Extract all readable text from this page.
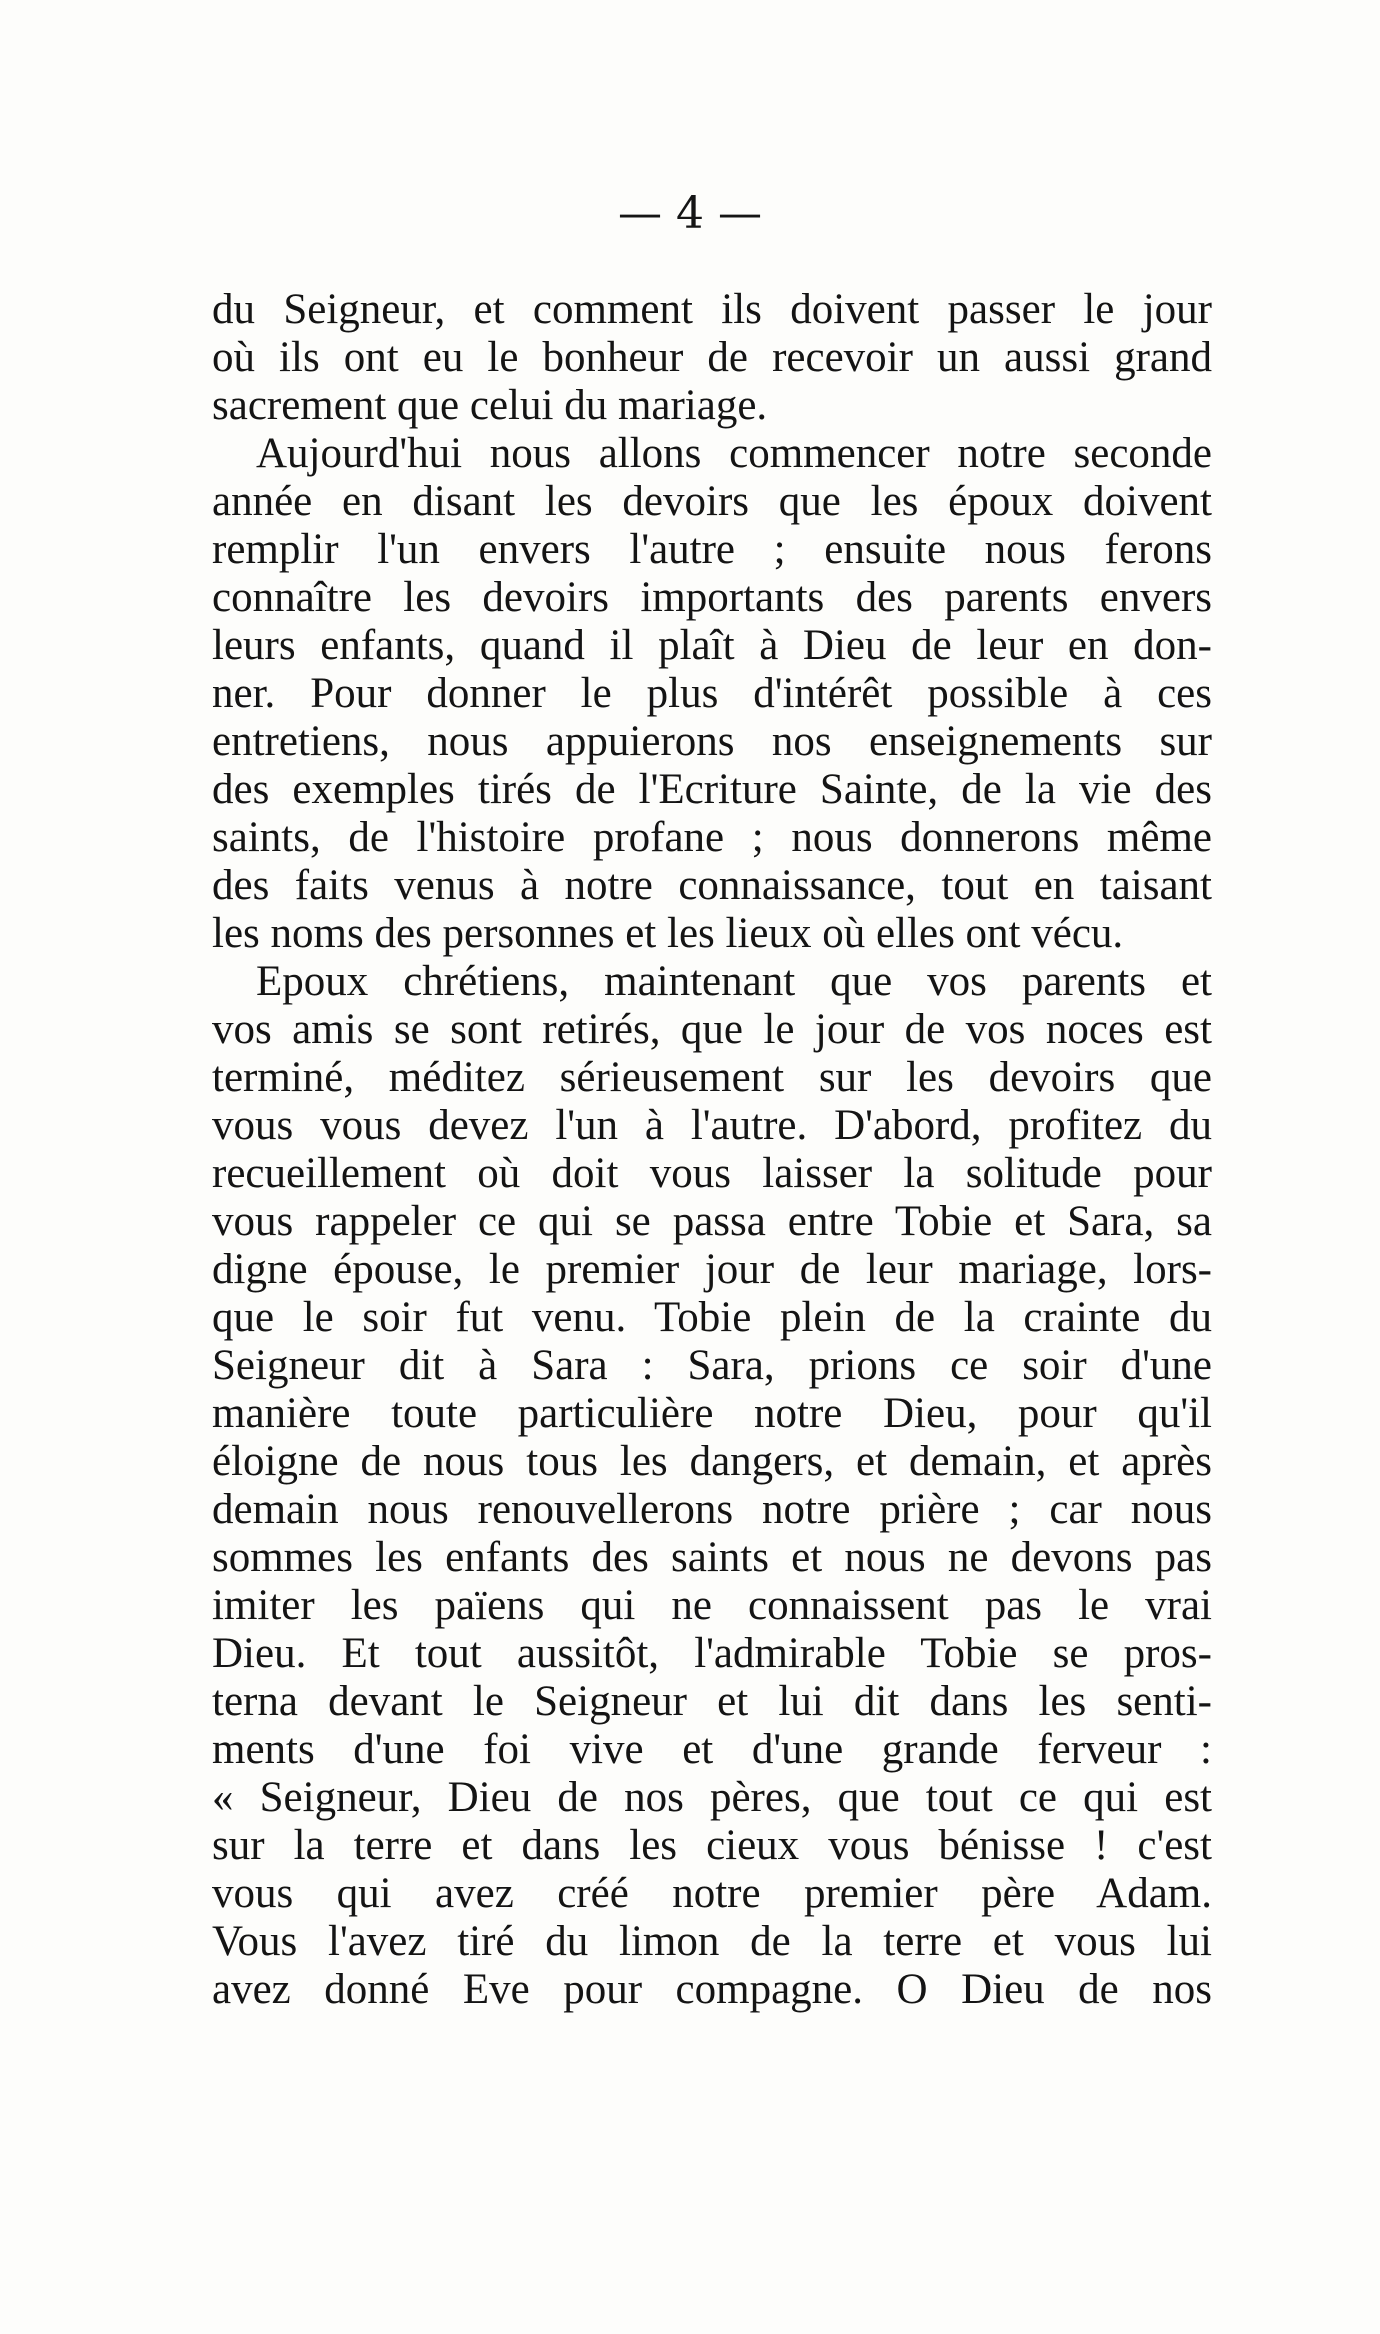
— 4 —
du Seigneur, et comment ils doivent passer le jour
où ils ont eu le bonheur de recevoir un aussi grand
sacrement que celui du mariage.
Aujourd'hui nous allons commencer notre seconde
année en disant les devoirs que les époux doivent
remplir l'un envers l'autre ; ensuite nous ferons
connaître les devoirs importants des parents envers
leurs enfants, quand il plaît à Dieu de leur en don-
ner. Pour donner le plus d'intérêt possible à ces
entretiens, nous appuierons nos enseignements sur
des exemples tirés de l'Ecriture Sainte, de la vie des
saints, de l'histoire profane ; nous donnerons même
des faits venus à notre connaissance, tout en taisant
les noms des personnes et les lieux où elles ont vécu.
Epoux chrétiens, maintenant que vos parents et
vos amis se sont retirés, que le jour de vos noces est
terminé, méditez sérieusement sur les devoirs que
vous vous devez l'un à l'autre. D'abord, profitez du
recueillement où doit vous laisser la solitude pour
vous rappeler ce qui se passa entre Tobie et Sara, sa
digne épouse, le premier jour de leur mariage, lors-
que le soir fut venu. Tobie plein de la crainte du
Seigneur dit à Sara : Sara, prions ce soir d'une
manière toute particulière notre Dieu, pour qu'il
éloigne de nous tous les dangers, et demain, et après
demain nous renouvellerons notre prière ; car nous
sommes les enfants des saints et nous ne devons pas
imiter les païens qui ne connaissent pas le vrai
Dieu. Et tout aussitôt, l'admirable Tobie se pros-
terna devant le Seigneur et lui dit dans les senti-
ments d'une foi vive et d'une grande ferveur :
« Seigneur, Dieu de nos pères, que tout ce qui est
sur la terre et dans les cieux vous bénisse ! c'est
vous qui avez créé notre premier père Adam.
Vous l'avez tiré du limon de la terre et vous lui
avez donné Eve pour compagne. O Dieu de nos
